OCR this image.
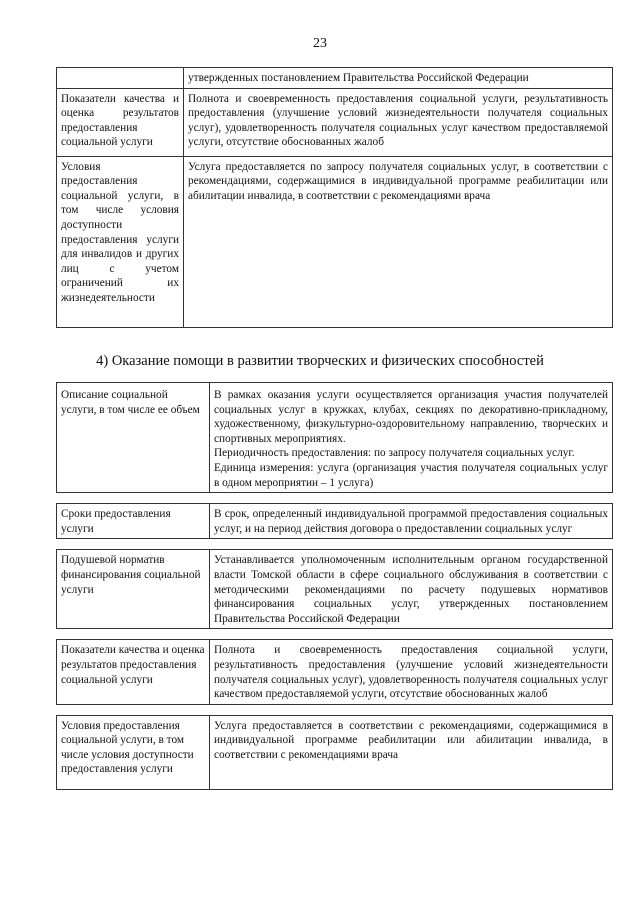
23
	утвержденных постановлением Правительства Российской Федерации
Показатели качества и оценка результатов предоставления социальной услуги	Полнота и своевременность предоставления социальной услуги, результативность предоставления (улучшение условий жизнедеятельности получателя социальных услуг), удовлетворенность получателя социальных услуг качеством предоставляемой услуги, отсутствие обоснованных жалоб
Условия предоставления социальной услуги, в том числе условия доступности предоставления услуги для инвалидов и других лиц с учетом ограничений их жизнедеятельности	Услуга предоставляется по запросу получателя социальных услуг, в соответствии с рекомендациями, содержащимися в индивидуальной программе реабилитации или абилитации инвалида, в соответствии с рекомендациями врача
4) Оказание помощи в развитии творческих и физических способностей
Описание социальной услуги, в том числе ее объем	В рамках оказания услуги осуществляется организация участия получателей социальных услуг в кружках, клубах, секциях по декоративно-прикладному, художественному, физкультурно-оздоровительному направлению, творческих и спортивных мероприятиях.

Периодичность предоставления: по запросу получателя социальных услуг.

Единица измерения: услуга (организация участия получателя социальных услуг в одном мероприятии – 1 услуга)

Сроки предоставления услуги	В срок, определенный индивидуальной программой предоставления социальных услуг, и на период действия договора о предоставлении социальных услуг

Подушевой норматив финансирования социальной услуги	Устанавливается уполномоченным исполнительным органом государственной власти Томской области в сфере социального обслуживания в соответствии с методическими рекомендациями по расчету подушевых нормативов финансирования социальных услуг, утвержденных постановлением Правительства Российской Федерации

Показатели качества и оценка результатов предоставления социальной услуги	Полнота и своевременность предоставления социальной услуги, результативность предоставления (улучшение условий жизнедеятельности получателя социальных услуг), удовлетворенность получателя социальных услуг качеством предоставляемой услуги, отсутствие обоснованных жалоб

Условия предоставления социальной услуги, в том числе условия доступности предоставления услуги	Услуга предоставляется в соответствии с рекомендациями, содержащимися в индивидуальной программе реабилитации или абилитации инвалида, в соответствии с рекомендациями врача
